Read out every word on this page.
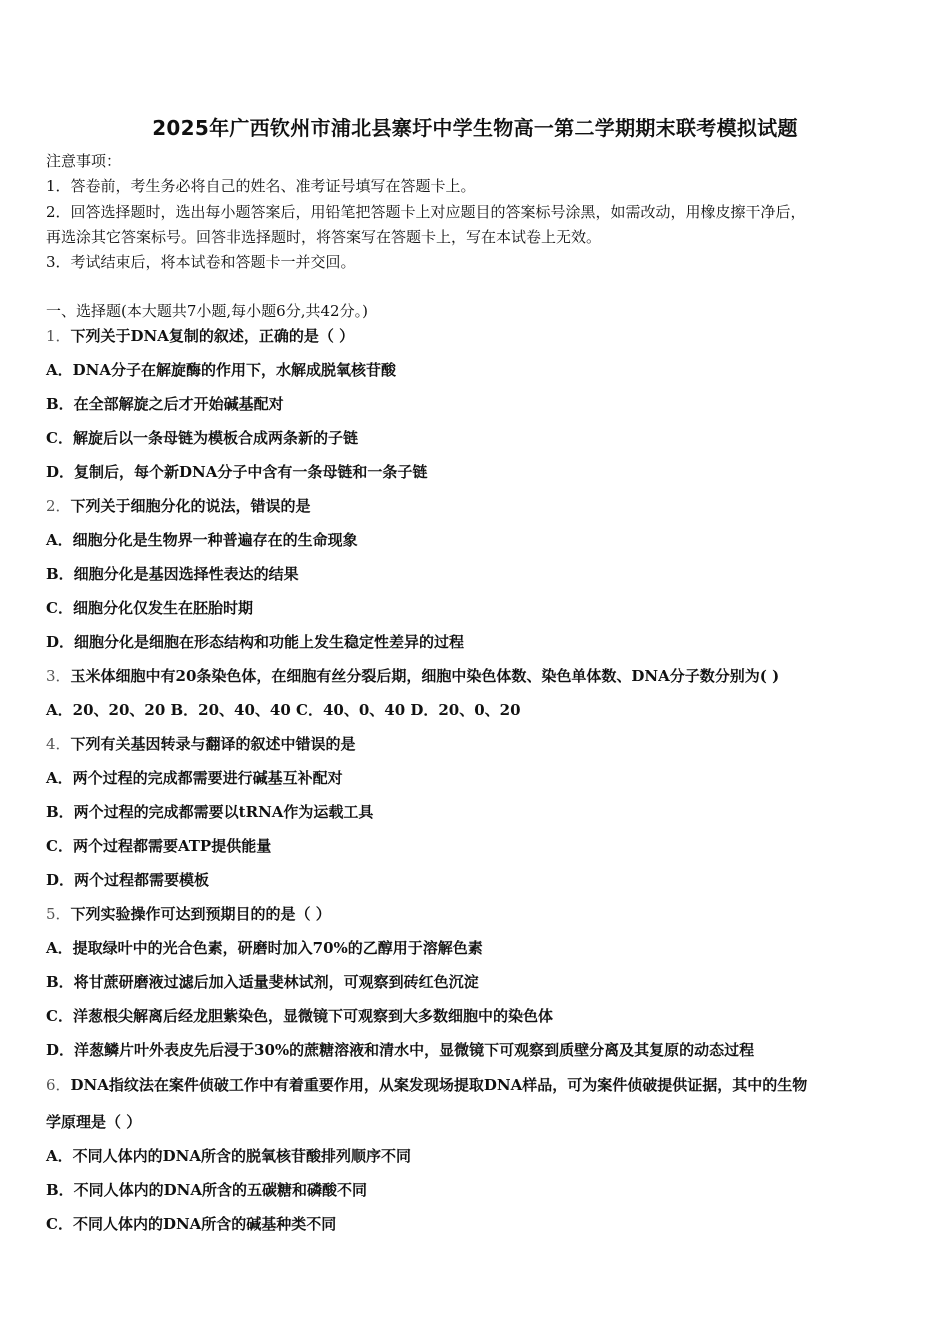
2025年广西钦州市浦北县寨圩中学生物高一第二学期期末联考模拟试题
注意事项：
1．答卷前，考生务必将自己的姓名、准考证号填写在答题卡上。
2．回答选择题时，选出每小题答案后，用铅笔把答题卡上对应题目的答案标号涂黑，如需改动，用橡皮擦干净后，
再选涂其它答案标号。回答非选择题时，将答案写在答题卡上，写在本试卷上无效。
3．考试结束后，将本试卷和答题卡一并交回。
一、选择题(本大题共7小题,每小题6分,共42分。)
1．下列关于DNA复制的叙述，正确的是（ ）
A．DNA分子在解旋酶的作用下，水解成脱氧核苷酸
B．在全部解旋之后才开始碱基配对
C．解旋后以一条母链为模板合成两条新的子链
D．复制后，每个新DNA分子中含有一条母链和一条子链
2．下列关于细胞分化的说法，错误的是
A．细胞分化是生物界一种普遍存在的生命现象
B．细胞分化是基因选择性表达的结果
C．细胞分化仅发生在胚胎时期
D．细胞分化是细胞在形态结构和功能上发生稳定性差异的过程
3．玉米体细胞中有20条染色体，在细胞有丝分裂后期，细胞中染色体数、染色单体数、DNA分子数分别为( )
A．20、20、20 B．20、40、40 C．40、0、40 D．20、0、20
4．下列有关基因转录与翻译的叙述中错误的是
A．两个过程的完成都需要进行碱基互补配对
B．两个过程的完成都需要以tRNA作为运载工具
C．两个过程都需要ATP提供能量
D．两个过程都需要模板
5．下列实验操作可达到预期目的的是（ ）
A．提取绿叶中的光合色素，研磨时加入70%的乙醇用于溶解色素
B．将甘蔗研磨液过滤后加入适量斐林试剂，可观察到砖红色沉淀
C．洋葱根尖解离后经龙胆紫染色，显微镜下可观察到大多数细胞中的染色体
D．洋葱鳞片叶外表皮先后浸于30%的蔗糖溶液和清水中，显微镜下可观察到质壁分离及其复原的动态过程
6．DNA指纹法在案件侦破工作中有着重要作用，从案发现场提取DNA样品，可为案件侦破提供证据，其中的生物
学原理是（ ）
A．不同人体内的DNA所含的脱氧核苷酸排列顺序不同
B．不同人体内的DNA所含的五碳糖和磷酸不同
C．不同人体内的DNA所含的碱基种类不同
